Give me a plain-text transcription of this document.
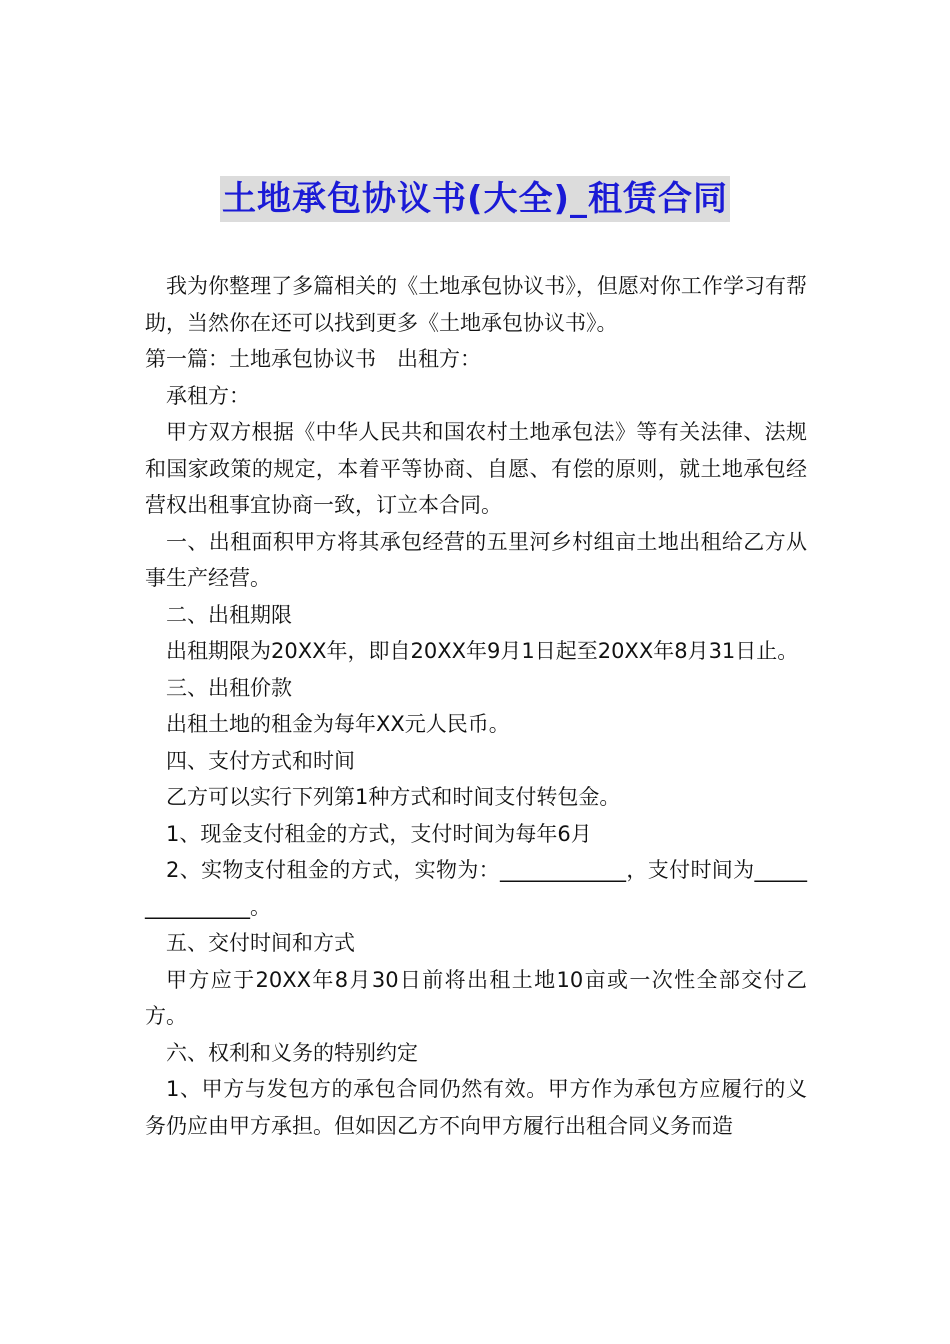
土地承包协议书(大全)_租赁合同

我为你整理了多篇相关的《土地承包协议书》，但愿对你工作学习有帮助，当然你在还可以找到更多《土地承包协议书》。

第一篇：土地承包协议书　出租方：

承租方：

甲方双方根据《中华人民共和国农村土地承包法》等有关法律、法规和国家政策的规定，本着平等协商、自愿、有偿的原则，就土地承包经营权出租事宜协商一致，订立本合同。

一、出租面积甲方将其承包经营的五里河乡村组亩土地出租给乙方从事生产经营。

二、出租期限

出租期限为20XX年，即自20XX年9月1日起至20XX年8月31日止。

三、出租价款

出租土地的租金为每年XX元人民币。

四、支付方式和时间

乙方可以实行下列第1种方式和时间支付转包金。

1、现金支付租金的方式，支付时间为每年6月

2、实物支付租金的方式，实物为：____________，支付时间为_______________。

五、交付时间和方式

甲方应于20XX年8月30日前将出租土地10亩或一次性全部交付乙方。

六、权利和义务的特别约定

1、甲方与发包方的承包合同仍然有效。甲方作为承包方应履行的义务仍应由甲方承担。但如因乙方不向甲方履行出租合同义务而造
